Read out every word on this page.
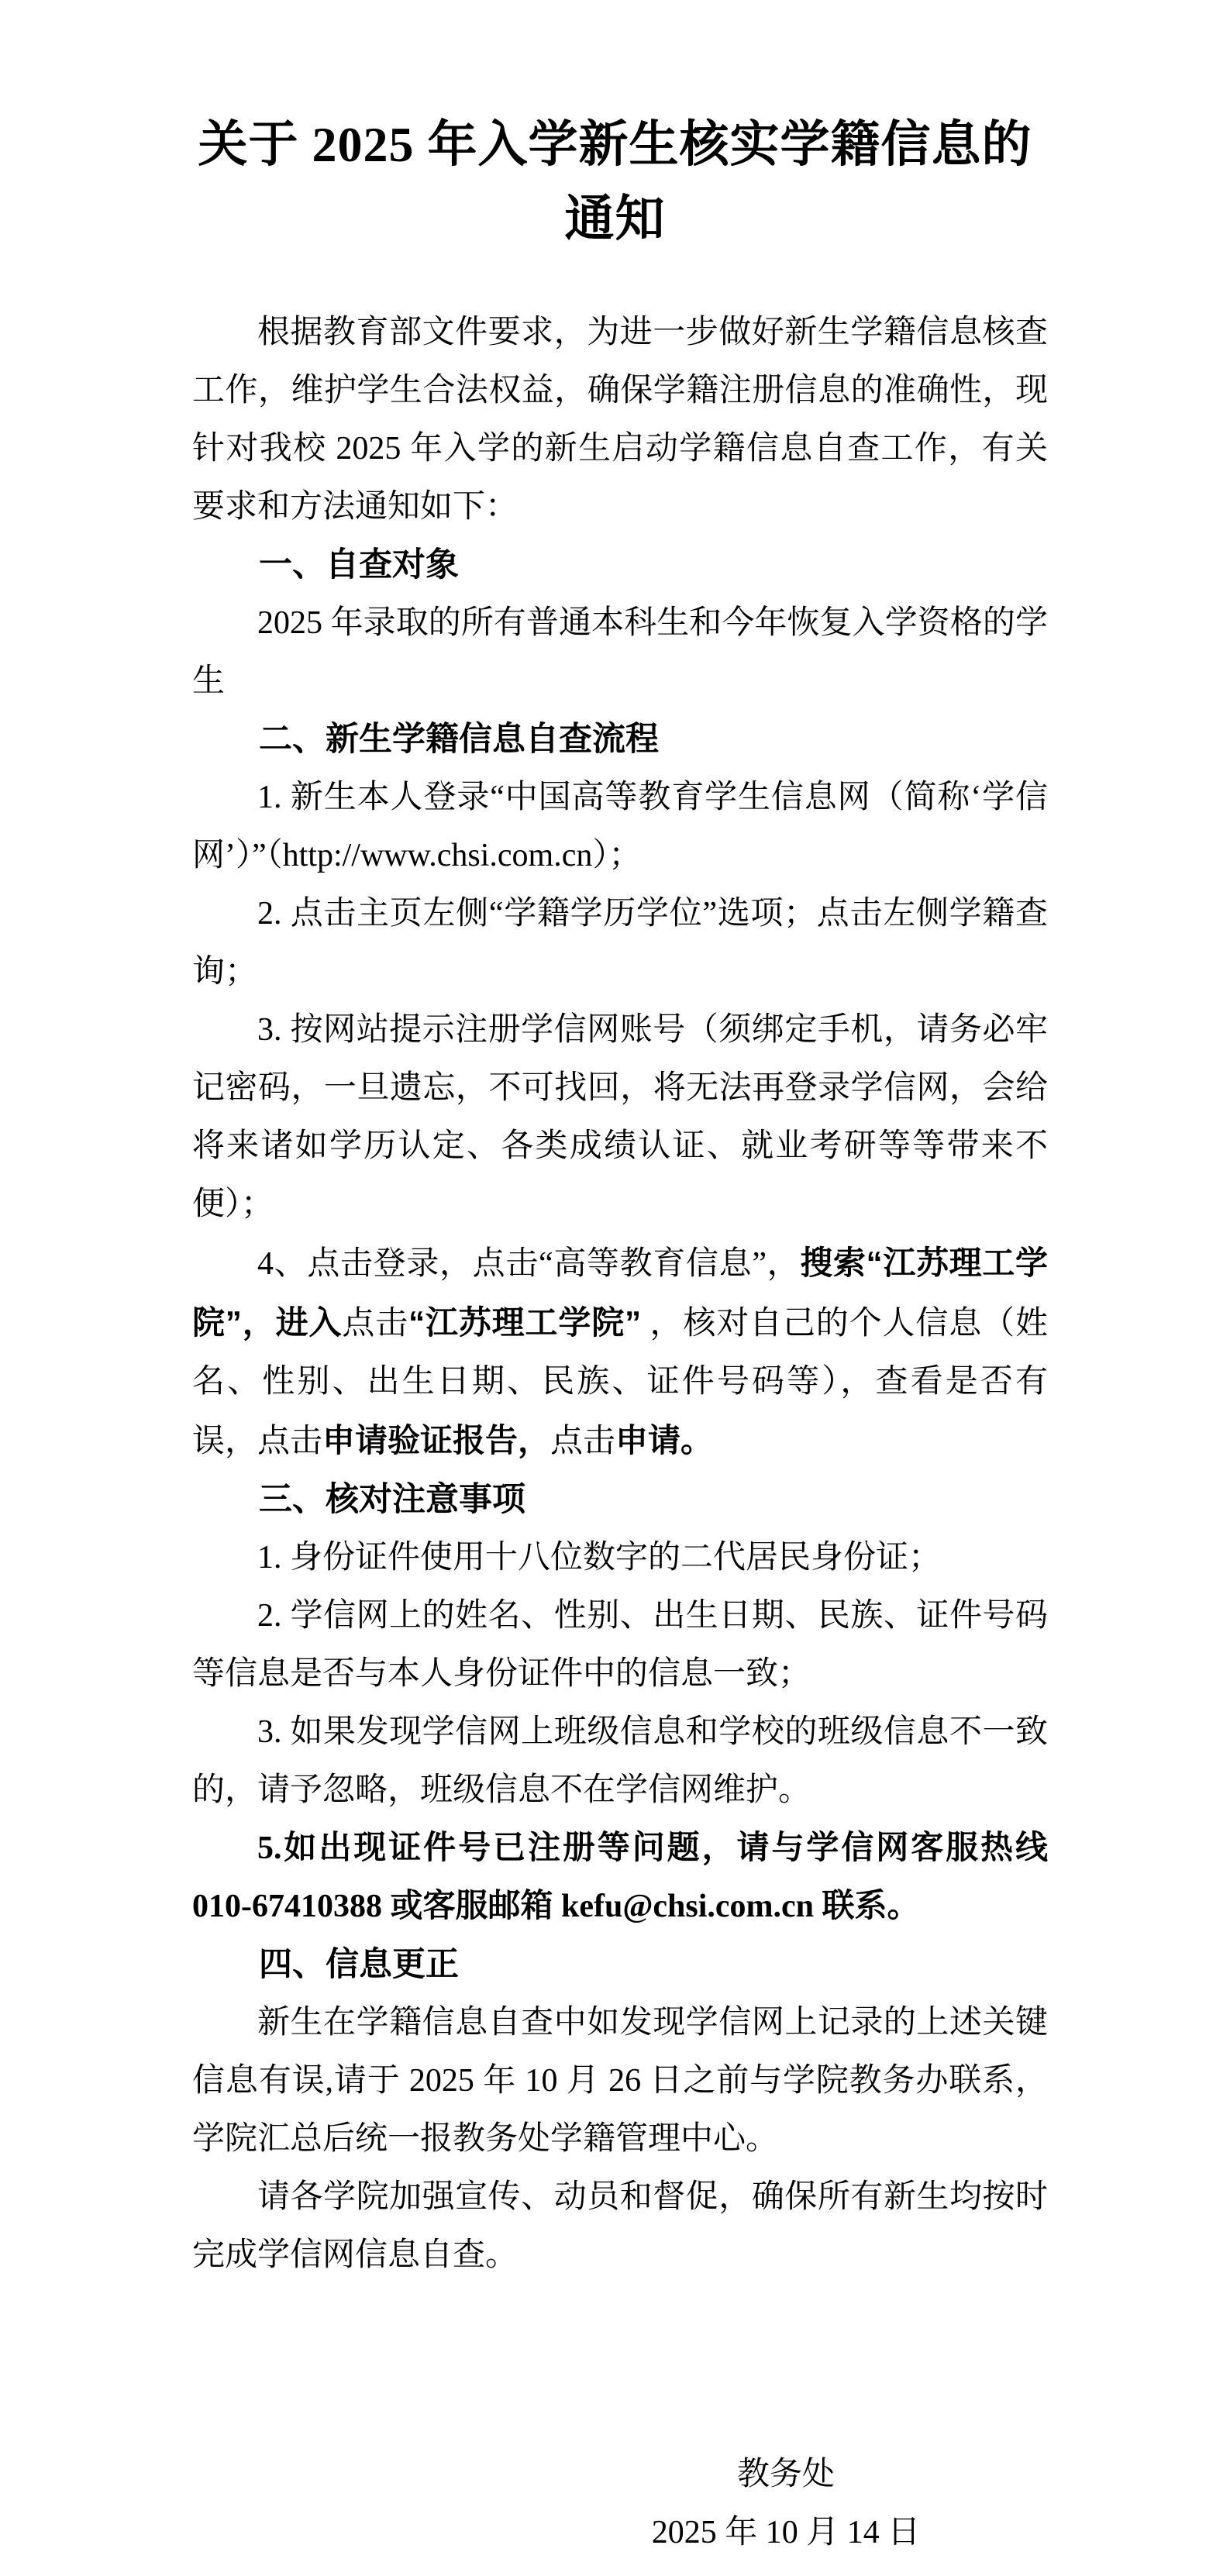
关于 2025 年入学新生核实学籍信息的通知

根据教育部文件要求，为进一步做好新生学籍信息核查工作，维护学生合法权益，确保学籍注册信息的准确性，现针对我校 2025 年入学的新生启动学籍信息自查工作，有关要求和方法通知如下：

一、自查对象

2025 年录取的所有普通本科生和今年恢复入学资格的学生

二、新生学籍信息自查流程

1. 新生本人登录“中国高等教育学生信息网（简称‘学信网’）”（http://www.chsi.com.cn）；

2. 点击主页左侧“学籍学历学位”选项；点击左侧学籍查询；

3. 按网站提示注册学信网账号（须绑定手机，请务必牢记密码，一旦遗忘，不可找回，将无法再登录学信网，会给将来诸如学历认定、各类成绩认证、就业考研等等带来不便）；

4、点击登录，点击“高等教育信息”，搜索“江苏理工学院”，进入点击“江苏理工学院” ，核对自己的个人信息（姓名、性别、出生日期、民族、证件号码等），查看是否有误，点击申请验证报告，点击申请。

三、核对注意事项

1. 身份证件使用十八位数字的二代居民身份证；

2. 学信网上的姓名、性别、出生日期、民族、证件号码等信息是否与本人身份证件中的信息一致；

3. 如果发现学信网上班级信息和学校的班级信息不一致的，请予忽略，班级信息不在学信网维护。

5.如出现证件号已注册等问题，请与学信网客服热线 010-67410388 或客服邮箱 kefu@chsi.com.cn 联系。

四、信息更正

新生在学籍信息自查中如发现学信网上记录的上述关键信息有误,请于 2025 年 10 月 26 日之前与学院教务办联系，学院汇总后统一报教务处学籍管理中心。

请各学院加强宣传、动员和督促，确保所有新生均按时完成学信网信息自查。

教务处
2025 年 10 月 14 日
